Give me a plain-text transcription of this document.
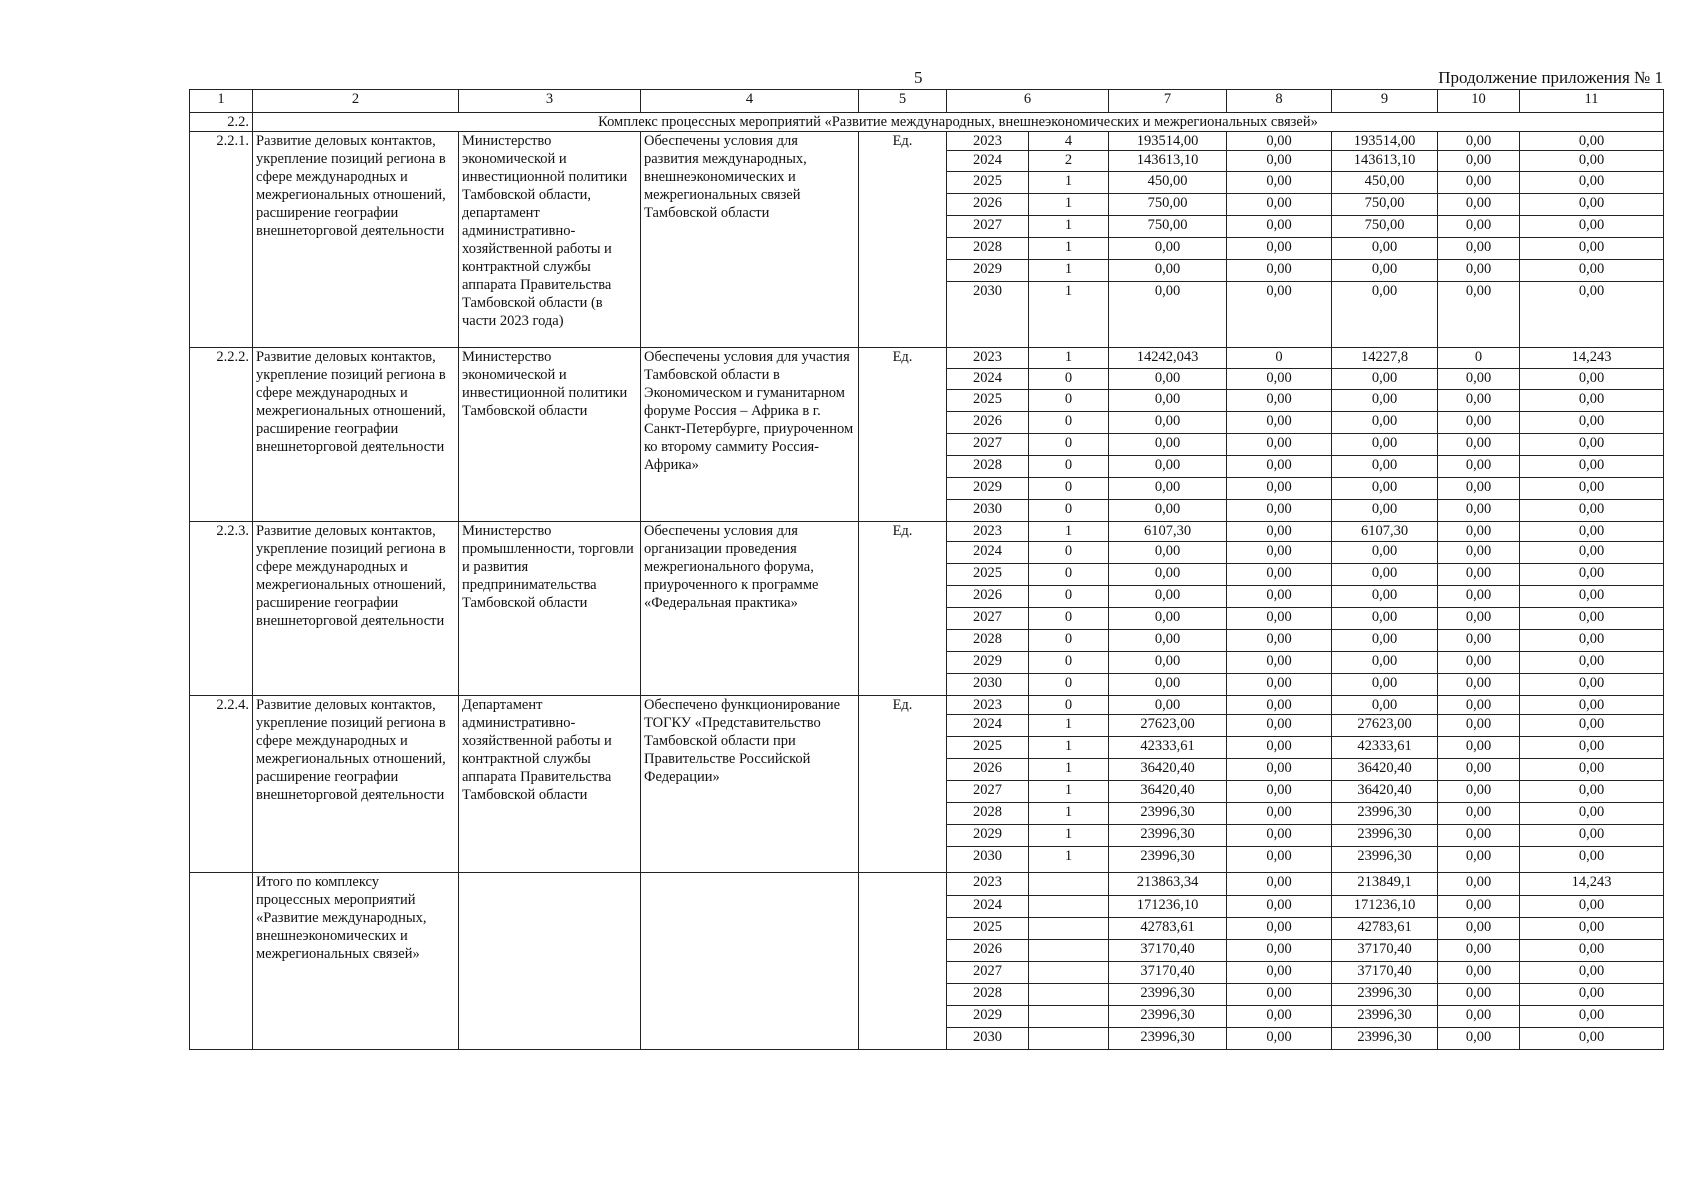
5	Продолжение приложения № 1
1	2	3	4	5	6		7	8	9	10	11
2.2.	Комплекс процессных мероприятий «Развитие международных, внешнеэкономических и межрегиональных связей»										
2.2.1.	Развитие деловых контактов, укрепление позиций региона в сфере международных и межрегиональных отношений, расширение географии внешнеторговой деятельности	Министерство экономической и инвестиционной политики Тамбовской области, департамент административно-хозяйственной работы и контрактной службы аппарата Правительства Тамбовской области (в части 2023 года)	Обеспечены условия для развития международных, внешнеэкономических и межрегиональных связей Тамбовской области	Ед.	2023	4	193514,00	0,00	193514,00	0,00	0,00
					2024	2	143613,10	0,00	143613,10	0,00	0,00
					2025	1	450,00	0,00	450,00	0,00	0,00
					2026	1	750,00	0,00	750,00	0,00	0,00
					2027	1	750,00	0,00	750,00	0,00	0,00
					2028	1	0,00	0,00	0,00	0,00	0,00
					2029	1	0,00	0,00	0,00	0,00	0,00
					2030	1	0,00	0,00	0,00	0,00	0,00
2.2.2.	Развитие деловых контактов, укрепление позиций региона в сфере международных и межрегиональных отношений, расширение географии внешнеторговой деятельности	Министерство экономической и инвестиционной политики Тамбовской области	Обеспечены условия для участия Тамбовской области в Экономическом и гуманитарном форуме Россия – Африка в г. Санкт-Петербурге, приуроченном ко второму саммиту Россия-Африка»	Ед.	2023	1	14242,043	0	14227,8	0	14,243
					2024	0	0,00	0,00	0,00	0,00	0,00
					2025	0	0,00	0,00	0,00	0,00	0,00
					2026	0	0,00	0,00	0,00	0,00	0,00
					2027	0	0,00	0,00	0,00	0,00	0,00
					2028	0	0,00	0,00	0,00	0,00	0,00
					2029	0	0,00	0,00	0,00	0,00	0,00
					2030	0	0,00	0,00	0,00	0,00	0,00
2.2.3.	Развитие деловых контактов, укрепление позиций региона в сфере международных и межрегиональных отношений, расширение географии внешнеторговой деятельности	Министерство промышленности, торговли и развития предпринимательства Тамбовской области	Обеспечены условия для организации проведения межрегионального форума, приуроченного к программе «Федеральная практика»	Ед.	2023	1	6107,30	0,00	6107,30	0,00	0,00
					2024	0	0,00	0,00	0,00	0,00	0,00
					2025	0	0,00	0,00	0,00	0,00	0,00
					2026	0	0,00	0,00	0,00	0,00	0,00
					2027	0	0,00	0,00	0,00	0,00	0,00
					2028	0	0,00	0,00	0,00	0,00	0,00
					2029	0	0,00	0,00	0,00	0,00	0,00
					2030	0	0,00	0,00	0,00	0,00	0,00
2.2.4.	Развитие деловых контактов, укрепление позиций региона в сфере международных и межрегиональных отношений, расширение географии внешнеторговой деятельности	Департамент административно-хозяйственной работы и контрактной службы аппарата Правительства Тамбовской области	Обеспечено функционирование ТОГКУ «Представительство Тамбовской области при Правительстве Российской Федерации»	Ед.	2023	0	0,00	0,00	0,00	0,00	0,00
					2024	1	27623,00	0,00	27623,00	0,00	0,00
					2025	1	42333,61	0,00	42333,61	0,00	0,00
					2026	1	36420,40	0,00	36420,40	0,00	0,00
					2027	1	36420,40	0,00	36420,40	0,00	0,00
					2028	1	23996,30	0,00	23996,30	0,00	0,00
					2029	1	23996,30	0,00	23996,30	0,00	0,00
					2030	1	23996,30	0,00	23996,30	0,00	0,00
	Итого по комплексу процессных мероприятий «Развитие международных, внешнеэкономических и межрегиональных связей»				2023		213863,34	0,00	213849,1	0,00	14,243
					2024		171236,10	0,00	171236,10	0,00	0,00
					2025		42783,61	0,00	42783,61	0,00	0,00
					2026		37170,40	0,00	37170,40	0,00	0,00
					2027		37170,40	0,00	37170,40	0,00	0,00
					2028		23996,30	0,00	23996,30	0,00	0,00
					2029		23996,30	0,00	23996,30	0,00	0,00
					2030		23996,30	0,00	23996,30	0,00	0,00
